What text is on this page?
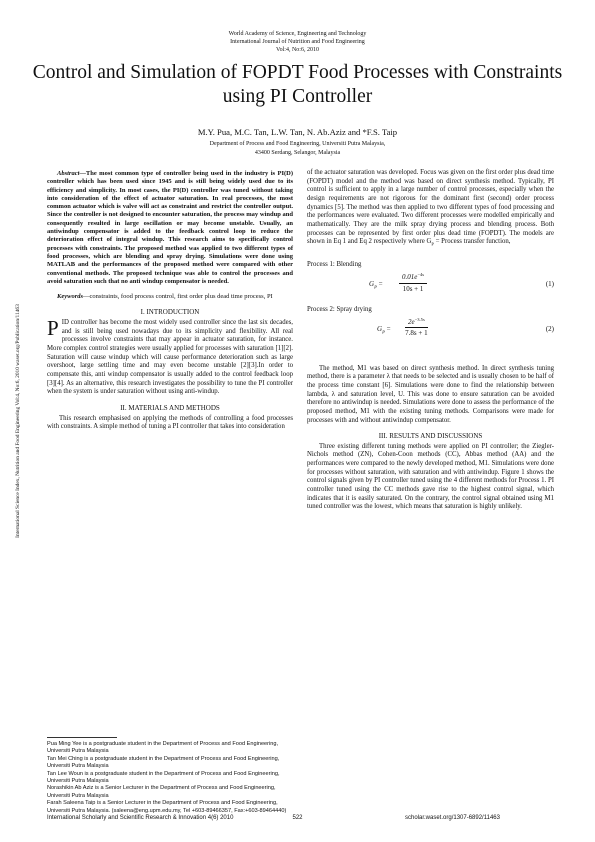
World Academy of Science, Engineering and Technology
International Journal of Nutrition and Food Engineering
Vol:4, No:6, 2010
International Science Index, Nutrition and Food Engineering Vol:4, No:6, 2010 waset.org/Publication/11463
Control and Simulation of FOPDT Food Processes with Constraints using PI Controller
M.Y. Pua, M.C. Tan, L.W. Tan, N. Ab.Aziz and *F.S. Taip
Department of Process and Food Engineering, Universiti Putra Malaysia,
43400 Serdang, Selangor, Malaysia

Abstract—The most common type of controller being used in the industry is PI(D) controller which has been used since 1945 and is still being widely used due to its efficiency and simplicity. In most cases, the PI(D) controller was tuned without taking into consideration of the effect of actuator saturation. In real processes, the most common actuator which is valve will act as constraint and restrict the controller output. Since the controller is not designed to encounter saturation, the process may windup and consequently resulted in large oscillation or may become unstable. Usually, an antiwindup compensator is added to the feedback control loop to reduce the deterioration effect of integral windup. This research aims to specifically control processes with constraints. The proposed method was applied to two different types of food processes, which are blending and spray drying. Simulations were done using MATLAB and the performances of the proposed method were compared with other conventional methods. The proposed technique was able to control the processes and avoid saturation such that no anti windup compensator is needed.

Keywords—constraints, food process control, first order plus dead time process, PI

I. INTRODUCTION

PID controller has become the most widely used controller since the last six decades, and is still being used nowadays due to its simplicity and flexibility. All real processes involve constraints that may appear in actuator saturation, for instance. More complex control strategies were usually applied for processes with saturation [1][2]. Saturation will cause windup which will cause performance deterioration such as large overshoot, large settling time and may even become unstable [2][3].In order to compensate this, anti windup compensator is usually added to the control feedback loop [3][4]. As an alternative, this research investigates the possibility to tune the PI controller when the system is under saturation without using anti-windup.

II. MATERIALS AND METHODS

This research emphasised on applying the methods of controlling a food processes with constraints. A simple method of tuning a PI controller that takes into consideration

of the actuator saturation was developed. Focus was given on the first order plus dead time (FOPDT) model and the method was based on direct synthesis method. Typically, PI control is sufficient to apply in a large number of control processes, especially when the design requirements are not rigorous for the dominant first (second) order process dynamics [5]. The method was then applied to two different types of food processing and the performances were evaluated. Two different processes were modelled empirically and mathematically. They are the milk spray drying process and blending process. Both processes can be represented by first order plus dead time (FOPDT). The models are shown in Eq 1 and Eq 2 respectively where $G_P$ = Process transfer function,

Process 1: Blending

$G_P = \frac{0.01e^{-4s}}{10s + 1}$	(1)

Process 2: Spray drying

$G_P = \frac{2e^{-3.5s}}{7.8s + 1}$	(2)

The method, M1 was based on direct synthesis method. In direct synthesis tuning method, there is a parameter λ that needs to be selected and is usually chosen to be half of the process time constant [6]. Simulations were done to find the relationship between lambda, λ and saturation level, U. This was done to ensure saturation can be avoided therefore no antiwindup is needed. Simulations were done to assess the performance of the proposed method, M1 with the existing tuning methods. Comparisons were made for processes with and without antiwindup compensator.

III. RESULTS AND DISCUSSIONS

Three existing different tuning methods were applied on PI controller; the Ziegler- Nichols method (ZN), Cohen-Coon methods (CC), Abbas method (AA) and the performances were compared to the newly developed method, M1. Simulations were done for processes without saturation, with saturation and with antiwindup. Figure 1 shows the control signals given by PI controller tuned using the 4 different methods for Process 1. PI controller tuned using the CC methods gave rise to the highest control signal, which indicates that it is easily saturated. On the contrary, the control signal obtained using M1 tuned controller was the lowest, which means that saturation is highly unlikely.

Pua Ming Yee is a postgraduate student in the Department of Process and Food Engineering, Universiti Putra Malaysia
Tan Mei Ching is a postgraduate student in the Department of Process and Food Engineering, Universiti Putra Malaysia
Tan Lee Woun is a postgraduate student in the Department of Process and Food Engineering, Universiti Putra Malaysia
Norashikin Ab Aziz is a Senior Lecturer in the Department of Process and Food Engineering, Universiti Putra Malaysia
Farah Saleena Taip is a Senior Lecturer in the Department of Process and Food Engineering, Universiti Putra Malaysia. (saleena@eng.upm.edu.my, Tel +603-89466357, Fax:+603-89464440)
International Scholarly and Scientific Research & Innovation 4(6) 2010	522	scholar.waset.org/1307-6892/11463
